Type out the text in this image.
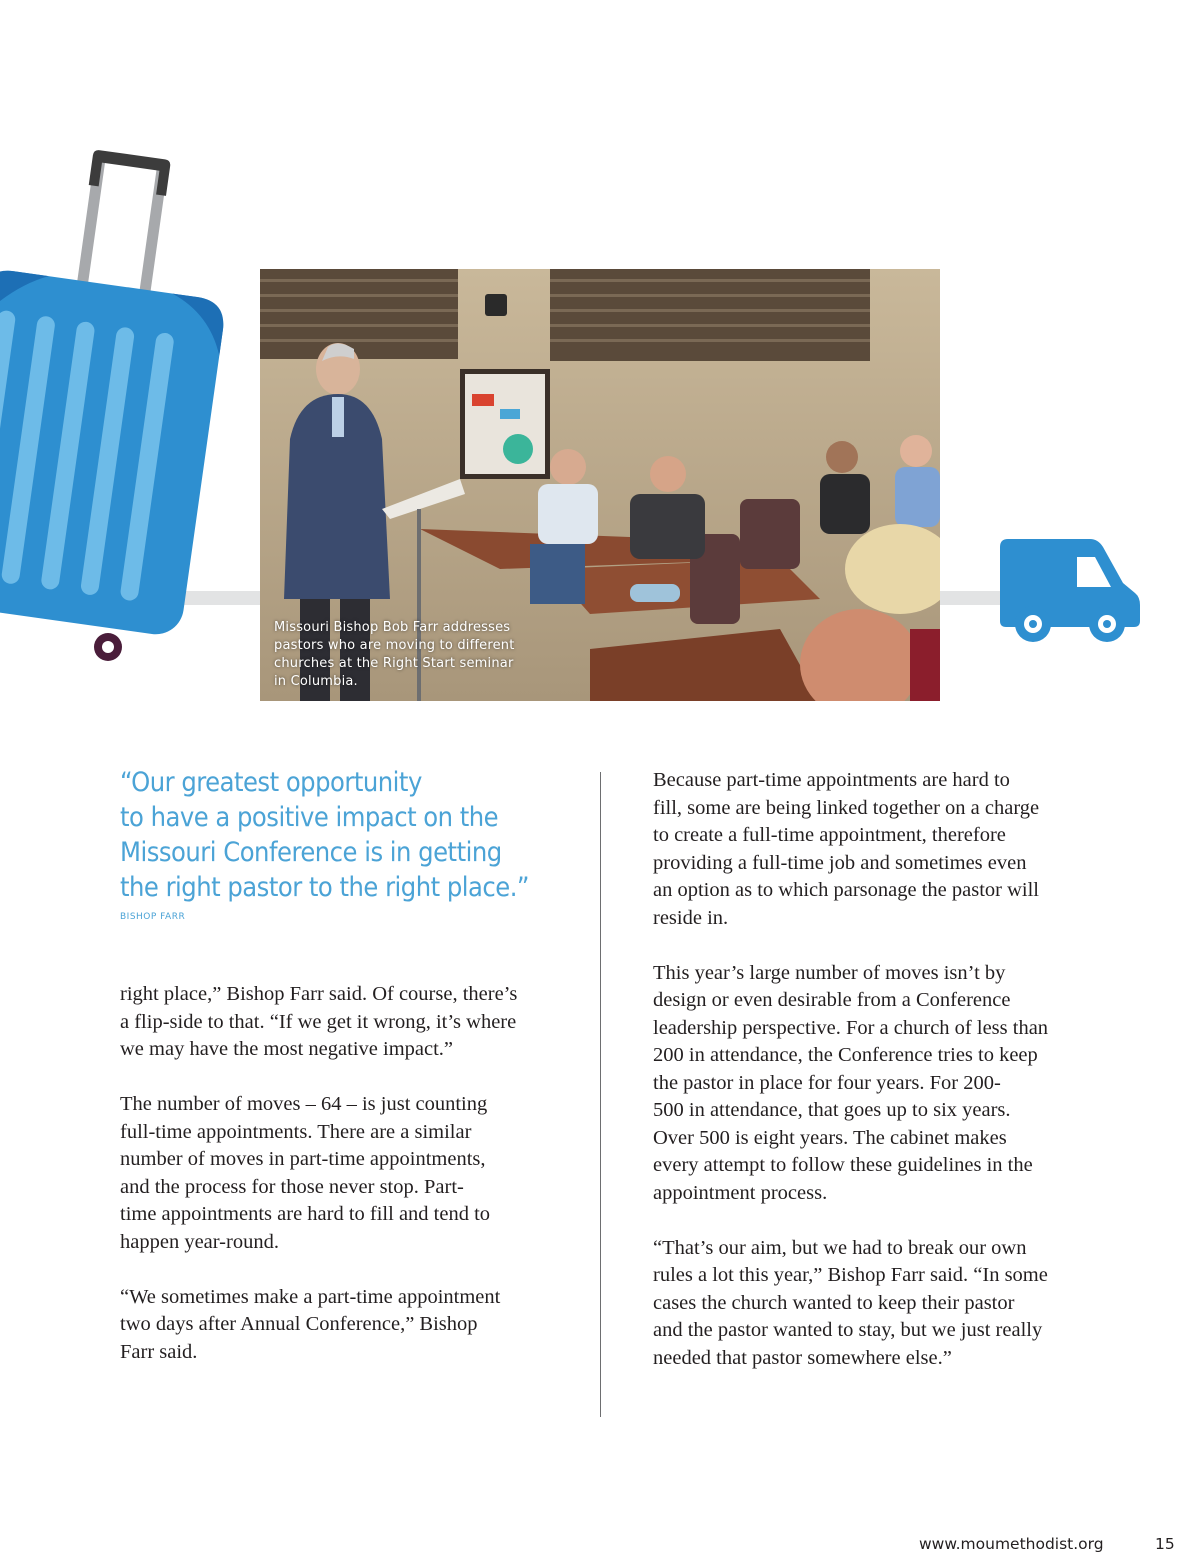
Missouri Bishop Bob Farr addresses
pastors who are moving to different
churches at the Right Start seminar
in Columbia.
“Our greatest opportunity
to have a positive impact on the
Missouri Conference is in getting
the right pastor to the right place.”
BISHOP FARR
right place,” Bishop Farr said. Of course, there’s
a flip-side to that. “If we get it wrong, it’s where
we may have the most negative impact.”
The number of moves – 64 – is just counting
full-time appointments. There are a similar
number of moves in part-time appointments,
and the process for those never stop. Part-
time appointments are hard to fill and tend to
happen year-round.
“We sometimes make a part-time appointment
two days after Annual Conference,” Bishop
Farr said.
Because part-time appointments are hard to
fill, some are being linked together on a charge
to create a full-time appointment, therefore
providing a full-time job and sometimes even
an option as to which parsonage the pastor will
reside in.
This year’s large number of moves isn’t by
design or even desirable from a Conference
leadership perspective. For a church of less than
200 in attendance, the Conference tries to keep
the pastor in place for four years. For 200-
500 in attendance, that goes up to six years.
Over 500 is eight years. The cabinet makes
every attempt to follow these guidelines in the
appointment process.
“That’s our aim, but we had to break our own
rules a lot this year,” Bishop Farr said. “In some
cases the church wanted to keep their pastor
and the pastor wanted to stay, but we just really
needed that pastor somewhere else.”
www.moumethodist.org	15
